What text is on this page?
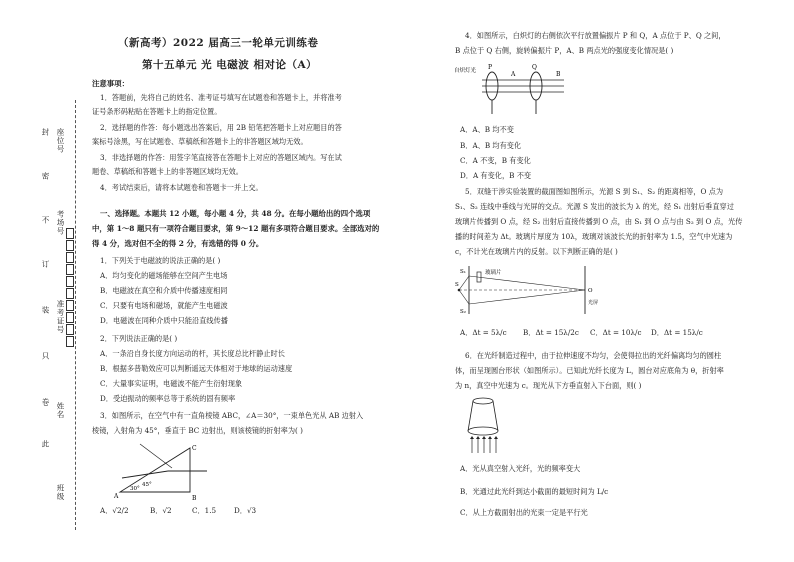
封
密
不
订
装
只
卷
此
座位号
考场号
准考证号
姓名
班级
（新高考）2022 届高三一轮单元训练卷
第十五单元 光 电磁波 相对论（A）
注意事项：
1．答题前，先将自己的姓名、准考证号填写在试题卷和答题卡上，并将准考
证号条形码粘贴在答题卡上的指定位置。
2．选择题的作答：每小题选出答案后，用 2B 铅笔把答题卡上对应题目的答
案标号涂黑，写在试题卷、草稿纸和答题卡上的非答题区域均无效。
3．非选择题的作答：用签字笔直接答在答题卡上对应的答题区域内。写在试
题卷、草稿纸和答题卡上的非答题区域均无效。
4．考试结束后，请将本试题卷和答题卡一并上交。
一、选择题。本题共 12 小题，每小题 4 分，共 48 分。在每小题给出的四个选项
中，第 1～8 题只有一项符合题目要求，第 9～12 题有多项符合题目要求。全部选对的
得 4 分，选对但不全的得 2 分，有选错的得 0 分。
1．下列关于电磁波的说法正确的是( )
A．均匀变化的磁场能够在空间产生电场
B．电磁波在真空和介质中传播速度相同
C．只要有电场和磁场，就能产生电磁波
D．电磁波在同种介质中只能沿直线传播
2．下列说法正确的是( )
A．一条沿自身长度方向运动的杆，其长度总比杆静止时长
B．根据多普勒效应可以判断遥远天体相对于地球的运动速度
C．大量事实证明，电磁波不能产生衍射现象
D．受迫振动的频率总等于系统的固有频率
3．如图所示，在空气中有一直角棱镜 ABC，∠A＝30°，一束单色光从 AB 边射入
棱镜，入射角为 45°，垂直于 BC 边射出，则该棱镜的折射率为( )
C
A	B
30°
45°
A．√2/2	B．√2	C．1.5 D．√3
4．如图所示，白炽灯的右侧依次平行放置偏振片 P 和 Q，A 点位于 P、Q 之间，
B 点位于 Q 右侧，旋转偏振片 P，A、B 两点光的强度变化情况是( )
自炽灯光 P
A
Q
B
A．A、B 均不变
B．A、B 均有变化
C．A 不变，B 有变化
D．A 有变化，B 不变
5．双缝干涉实验装置的截面图如图所示，光源 S 到 S₁、S₂ 的距离相等，O 点为
S₁、S₂ 连线中垂线与光屏的交点。光源 S 发出的波长为 λ 的光，经 S₁ 出射后垂直穿过
玻璃片传播到 O 点，经 S₂ 出射后直接传播到 O 点，由 S₁ 到 O 点与由 S₂ 到 O 点，光传
播的时间差为 Δt。玻璃片厚度为 10λ，玻璃对该波长光的折射率为 1.5，空气中光速为
c，不计光在玻璃片内的反射。以下判断正确的是( )
S₁
S
S₂
玻璃片
O
光屏
A．Δt = 5λ/c B．Δt = 15λ/2c C．Δt = 10λ/c D．Δt = 15λ/c
6．在光纤制造过程中，由于拉伸速度不均匀，会使得拉出的光纤偏离均匀的圆柱
体，而呈现圆台形状（如图所示）。已知此光纤长度为 L，圆台对应底角为 θ，折射率
为 n，真空中光速为 c。现光从下方垂直射入下台面，则( )
A．光从真空射入光纤，光的频率变大
B．光通过此光纤到达小截面的最短时间为 L/c
C．从上方截面射出的光束一定是平行光
